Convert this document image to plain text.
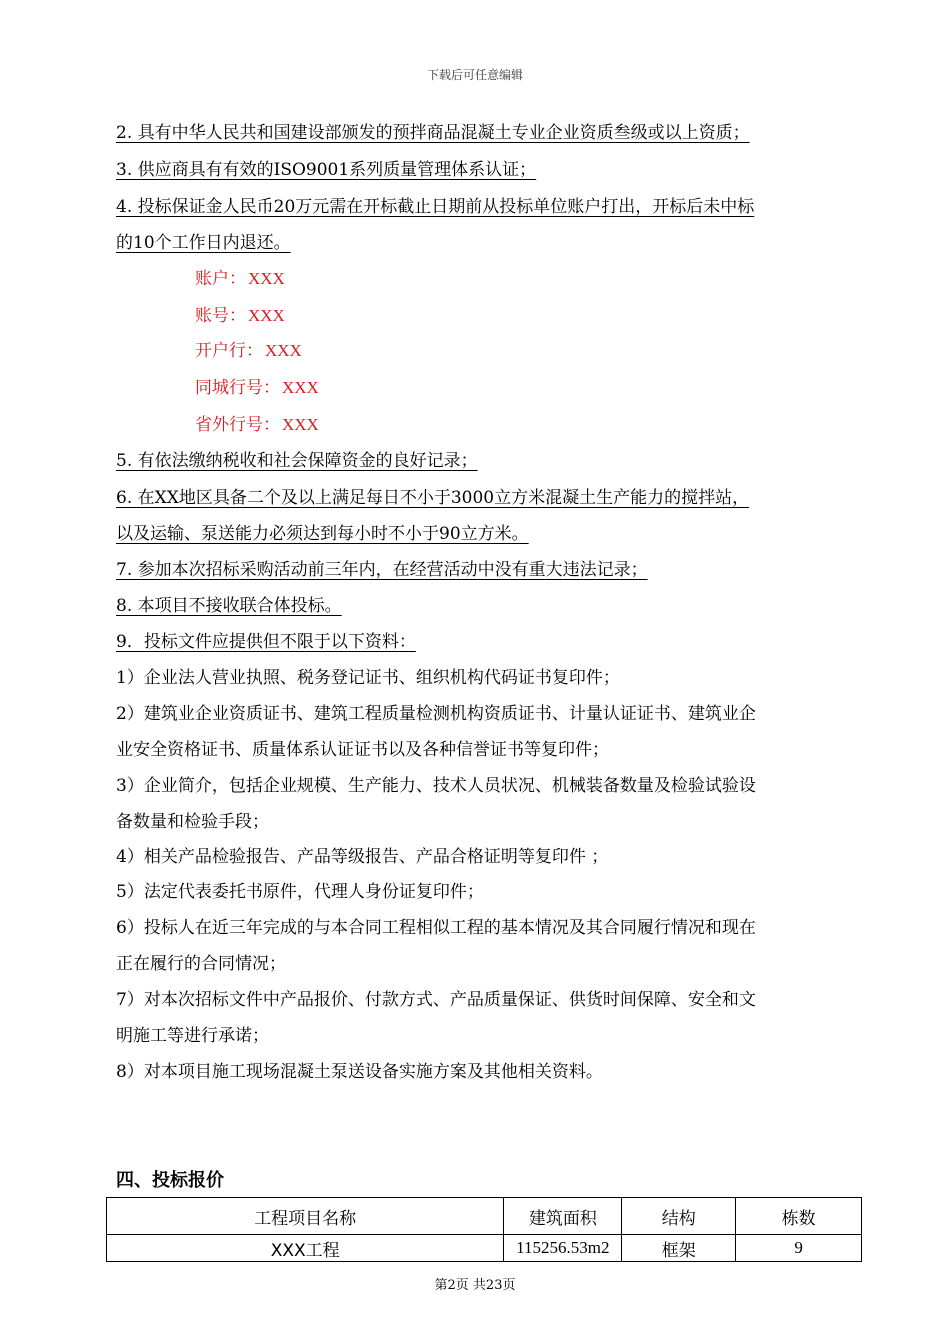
下载后可任意编辑

2. 具有中华人民共和国建设部颁发的预拌商品混凝土专业企业资质叁级或以上资质；

3. 供应商具有有效的ISO9001系列质量管理体系认证；

4. 投标保证金人民币20万元需在开标截止日期前从投标单位账户打出，开标后未中标

的10个工作日内退还。

账户： XXX

账号： XXX

开户行： XXX

同城行号： XXX

省外行号： XXX

5. 有依法缴纳税收和社会保障资金的良好记录；

6. 在XX地区具备二个及以上满足每日不小于3000立方米混凝土生产能力的搅拌站，

以及运输、泵送能力必须达到每小时不小于90立方米。

7. 参加本次招标采购活动前三年内，在经营活动中没有重大违法记录；

8. 本项目不接收联合体投标。

9．投标文件应提供但不限于以下资料：

1）企业法人营业执照、税务登记证书、组织机构代码证书复印件；

2）建筑业企业资质证书、建筑工程质量检测机构资质证书、计量认证证书、建筑业企

业安全资格证书、质量体系认证证书以及各种信誉证书等复印件；

3）企业简介，包括企业规模、生产能力、技术人员状况、机械装备数量及检验试验设

备数量和检验手段；

4）相关产品检验报告、产品等级报告、产品合格证明等复印件 ；

5）法定代表委托书原件，代理人身份证复印件；

6）投标人在近三年完成的与本合同工程相似工程的基本情况及其合同履行情况和现在

正在履行的合同情况；

7）对本次招标文件中产品报价、付款方式、产品质量保证、供货时间保障、安全和文

明施工等进行承诺；

8）对本项目施工现场混凝土泵送设备实施方案及其他相关资料。

四、投标报价

工程项目名称	建筑面积	结构	栋数
XXX工程	115256.53m2	框架	9
第2页 共23页
